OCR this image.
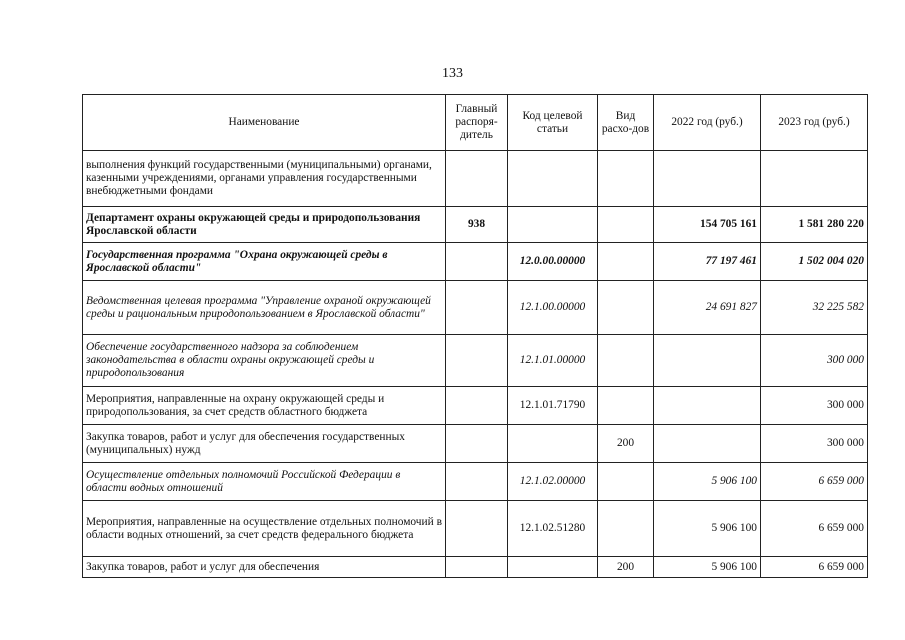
133
Наименование	Главный распоря-дитель	Код целевой статьи	Вид расхо-дов	2022 год (руб.)	2023 год (руб.)
выполнения функций государственными (муниципальными) органами, казенными учреждениями, органами управления государственными внебюджетными фондами					
Департамент охраны окружающей среды и природопользования Ярославской области	938			154 705 161	1 581 280 220
Государственная программа "Охрана окружающей среды в Ярославской области"		12.0.00.00000		77 197 461	1 502 004 020
Ведомственная целевая программа "Управление охраной окружающей среды и рациональным природопользованием в Ярославской области"		12.1.00.00000		24 691 827	32 225 582
Обеспечение государственного надзора за соблюдением законодательства в области охраны окружающей среды и природопользования		12.1.01.00000			300 000
Мероприятия, направленные на охрану окружающей среды и природопользования, за счет средств областного бюджета		12.1.01.71790			300 000
Закупка товаров, работ и услуг для обеспечения государственных (муниципальных) нужд			200		300 000
Осуществление отдельных полномочий Российской Федерации в области водных отношений		12.1.02.00000		5 906 100	6 659 000
Мероприятия, направленные на осуществление отдельных полномочий в области водных отношений, за счет средств федерального бюджета		12.1.02.51280		5 906 100	6 659 000
Закупка товаров, работ и услуг для обеспечения			200	5 906 100	6 659 000
